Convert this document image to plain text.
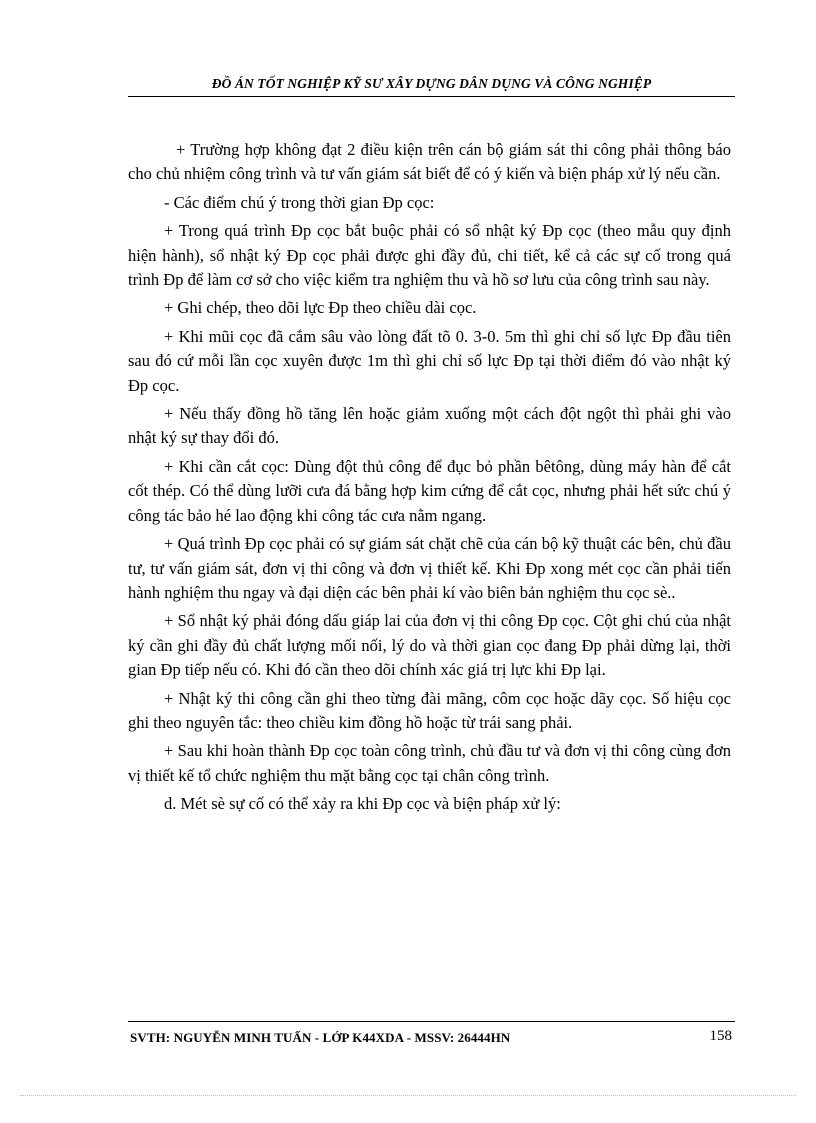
ĐỒ ÁN TỐT NGHIỆP KỸ SƯ XÂY DỰNG DÂN DỤNG VÀ CÔNG NGHIỆP

+ Trường hợp không đạt 2 điều kiện trên cán bộ giám sát thi công phải thông báo cho chủ nhiệm công trình và tư vấn giám sát biết để có ý kiến và biện pháp xử lý nếu cần.

- Các điểm chú ý trong thời gian Đp cọc:

+ Trong quá trình Đp cọc bắt buộc phải có sổ nhật ký Đp cọc (theo mẫu quy định hiện hành), sổ nhật ký Đp cọc phải được ghi đầy đủ, chi tiết, kể cả các sự cố trong quá trình Đp để làm cơ sở cho việc kiểm tra nghiệm thu và hồ sơ lưu của công trình sau này.

+ Ghi chép, theo dõi lực Đp theo chiều dài cọc.

+ Khi mũi cọc đã cắm sâu vào lòng đất tõ 0. 3-0. 5m thì ghi chỉ số lực Đp đầu tiên sau đó cứ mỗi lần cọc xuyên được 1m thì ghi chỉ số lực Đp tại thời điểm đó vào nhật ký Đp cọc.

+ Nếu thấy đồng hồ tăng lên hoặc giảm xuống một cách đột ngột thì phải ghi vào nhật ký sự thay đổi đó.

+ Khi cần cắt cọc: Dùng đột thủ công để đục bỏ phần bêtông, dùng máy hàn để cắt cốt thép. Có thể dùng lưỡi cưa đá bằng hợp kim cứng để cắt cọc, nhưng phải hết sức chú ý công tác bảo hé lao động khi công tác cưa nằm ngang.

+ Quá trình Đp cọc phải có sự giám sát chặt chẽ của cán bộ kỹ thuật các bên, chủ đầu tư, tư vấn giám sát, đơn vị thi công và đơn vị thiết kế. Khi Đp xong mét cọc cần phải tiến hành nghiệm thu ngay và đại diện các bên phải kí vào biên bản nghiệm thu cọc sè..

+ Sổ nhật ký phải đóng dấu giáp lai của đơn vị thi công Đp cọc. Cột ghi chú của nhật ký cần ghi đầy đủ chất lượng mối nối, lý do và thời gian cọc đang Đp phải dừng lại, thời gian Đp tiếp nếu có. Khi đó cần theo dõi chính xác giá trị lực khi Đp lại.

+ Nhật ký thi công cần ghi theo từng đài mãng, côm cọc hoặc dãy cọc. Số hiệu cọc ghi theo nguyên tắc: theo chiều kim đồng hồ hoặc từ trái sang phải.

+ Sau khi hoàn thành Đp cọc toàn công trình, chủ đầu tư và đơn vị thi công cùng đơn vị thiết kế tổ chức nghiệm thu mặt bằng cọc tại chân công trình.

d. Mét sè sự cố có thể xảy ra khi Đp cọc và biện pháp xử lý:

SVTH: NGUYỄN MINH TUẤN - LỚP K44XDA - MSSV: 26444HN	158
